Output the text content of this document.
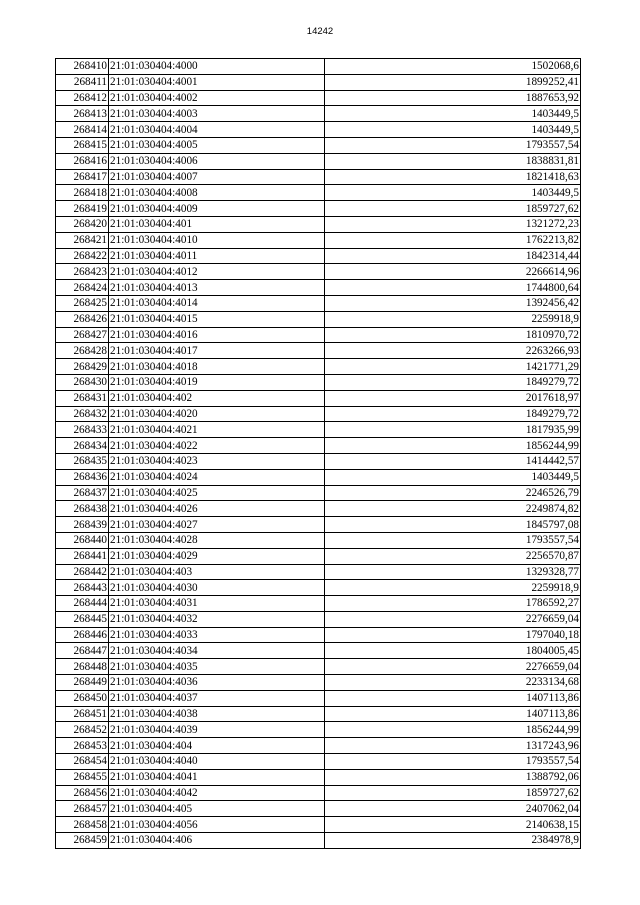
14242
268410	21:01:030404:4000	1502068,6
268411	21:01:030404:4001	1899252,41
268412	21:01:030404:4002	1887653,92
268413	21:01:030404:4003	1403449,5
268414	21:01:030404:4004	1403449,5
268415	21:01:030404:4005	1793557,54
268416	21:01:030404:4006	1838831,81
268417	21:01:030404:4007	1821418,63
268418	21:01:030404:4008	1403449,5
268419	21:01:030404:4009	1859727,62
268420	21:01:030404:401	1321272,23
268421	21:01:030404:4010	1762213,82
268422	21:01:030404:4011	1842314,44
268423	21:01:030404:4012	2266614,96
268424	21:01:030404:4013	1744800,64
268425	21:01:030404:4014	1392456,42
268426	21:01:030404:4015	2259918,9
268427	21:01:030404:4016	1810970,72
268428	21:01:030404:4017	2263266,93
268429	21:01:030404:4018	1421771,29
268430	21:01:030404:4019	1849279,72
268431	21:01:030404:402	2017618,97
268432	21:01:030404:4020	1849279,72
268433	21:01:030404:4021	1817935,99
268434	21:01:030404:4022	1856244,99
268435	21:01:030404:4023	1414442,57
268436	21:01:030404:4024	1403449,5
268437	21:01:030404:4025	2246526,79
268438	21:01:030404:4026	2249874,82
268439	21:01:030404:4027	1845797,08
268440	21:01:030404:4028	1793557,54
268441	21:01:030404:4029	2256570,87
268442	21:01:030404:403	1329328,77
268443	21:01:030404:4030	2259918,9
268444	21:01:030404:4031	1786592,27
268445	21:01:030404:4032	2276659,04
268446	21:01:030404:4033	1797040,18
268447	21:01:030404:4034	1804005,45
268448	21:01:030404:4035	2276659,04
268449	21:01:030404:4036	2233134,68
268450	21:01:030404:4037	1407113,86
268451	21:01:030404:4038	1407113,86
268452	21:01:030404:4039	1856244,99
268453	21:01:030404:404	1317243,96
268454	21:01:030404:4040	1793557,54
268455	21:01:030404:4041	1388792,06
268456	21:01:030404:4042	1859727,62
268457	21:01:030404:405	2407062,04
268458	21:01:030404:4056	2140638,15
268459	21:01:030404:406	2384978,9
